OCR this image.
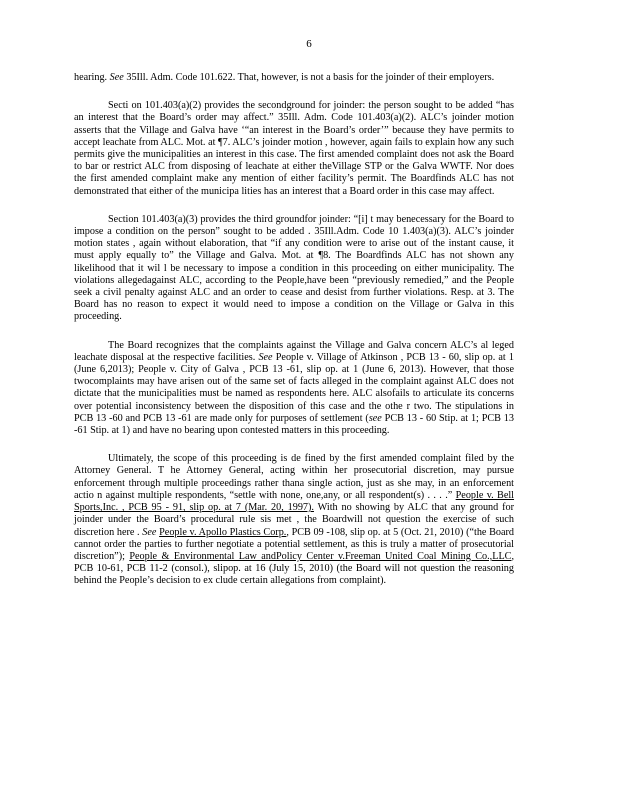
6

hearing. See 35Ill. Adm. Code 101.622. That, however, is not a basis for the joinder of their employers.

Secti on 101.403(a)(2) provides the secondground for joinder: the person sought to be added “has an interest that the Board’s order may affect.” 35Ill. Adm. Code 101.403(a)(2). ALC’s joinder motion asserts that the Village and Galva have ‘“an interest in the Board’s order’” because they have permits to accept leachate from ALC. Mot. at ¶7. ALC’s joinder motion , however, again fails to explain how any such permits give the municipalities an interest in this case. The first amended complaint does not ask the Board to bar or restrict ALC from disposing of leachate at either theVillage STP or the Galva WWTF. Nor does the first amended complaint make any mention of either facility’s permit. The Boardfinds ALC has not demonstrated that either of the municipa lities has an interest that a Board order in this case may affect.

Section 101.403(a)(3) provides the third groundfor joinder: “[i] t may benecessary for the Board to impose a condition on the person” sought to be added . 35Ill.Adm. Code 10 1.403(a)(3). ALC’s joinder motion states , again without elaboration, that “if any condition were to arise out of the instant cause, it must apply equally to” the Village and Galva. Mot. at ¶8. The Boardfinds ALC has not shown any likelihood that it wil l be necessary to impose a condition in this proceeding on either municipality. The violations allegedagainst ALC, according to the People,have been “previously remedied,” and the People seek a civil penalty against ALC and an order to cease and desist from further violations. Resp. at 3. The Board has no reason to expect it would need to impose a condition on the Village or Galva in this proceeding.

The Board recognizes that the complaints against the Village and Galva concern ALC’s al leged leachate disposal at the respective facilities. See People v. Village of Atkinson , PCB 13 - 60, slip op. at 1 (June 6,2013); People v. City of Galva , PCB 13 -61, slip op. at 1 (June 6, 2013). However, that those twocomplaints may have arisen out of the same set of facts alleged in the complaint against ALC does not dictate that the municipalities must be named as respondents here. ALC alsofails to articulate its concerns over potential inconsistency between the disposition of this case and the othe r two. The stipulations in PCB 13 -60 and PCB 13 -61 are made only for purposes of settlement (see PCB 13 - 60 Stip. at 1; PCB 13 -61 Stip. at 1) and have no bearing upon contested matters in this proceeding.

Ultimately, the scope of this proceeding is de fined by the first amended complaint filed by the Attorney General. T he Attorney General, acting within her prosecutorial discretion, may pursue enforcement through multiple proceedings rather thana single action, just as she may, in an enforcement actio n against multiple respondents, “settle with none, one,any, or all respondent(s) . . . .” People v. Bell Sports,Inc. , PCB 95 - 91, slip op. at 7 (Mar. 20, 1997). With no showing by ALC that any ground for joinder under the Board’s procedural rule sis met , the Boardwill not question the exercise of such discretion here . See People v. Apollo Plastics Corp., PCB 09 -108, slip op. at 5 (Oct. 21, 2010) (“the Board cannot order the parties to further negotiate a potential settlement, as this is truly a matter of prosecutorial discretion”); People & Environmental Law andPolicy Center v.Freeman United Coal Mining Co.,LLC, PCB 10-61, PCB 11-2 (consol.), slipop. at 16 (July 15, 2010) (the Board will not question the reasoning behind the People’s decision to ex clude certain allegations from complaint).
